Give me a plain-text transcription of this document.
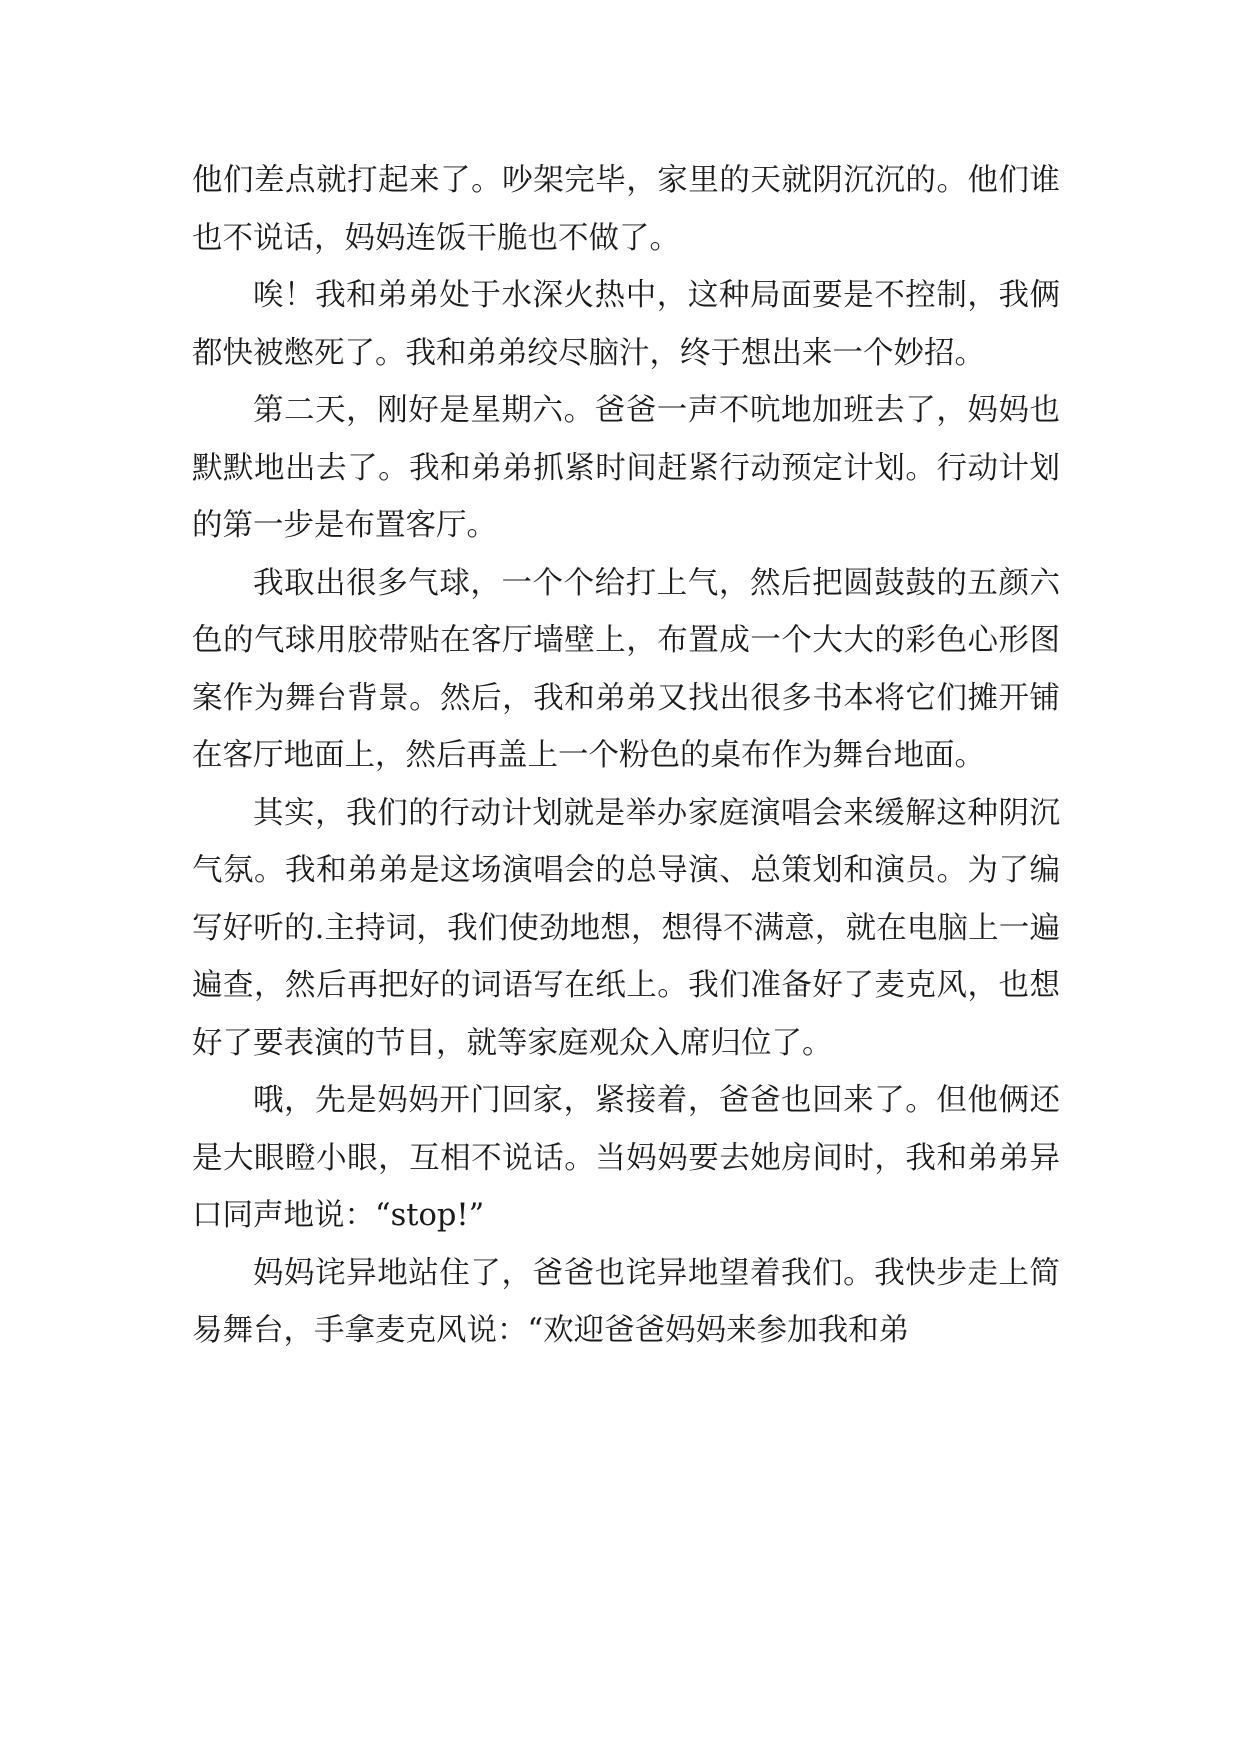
他们差点就打起来了。吵架完毕，家里的天就阴沉沉的。他们谁也不说话，妈妈连饭干脆也不做了。

唉！我和弟弟处于水深火热中，这种局面要是不控制，我俩都快被憋死了。我和弟弟绞尽脑汁，终于想出来一个妙招。

第二天，刚好是星期六。爸爸一声不吭地加班去了，妈妈也默默地出去了。我和弟弟抓紧时间赶紧行动预定计划。行动计划的第一步是布置客厅。

我取出很多气球，一个个给打上气，然后把圆鼓鼓的五颜六色的气球用胶带贴在客厅墙壁上，布置成一个大大的彩色心形图案作为舞台背景。然后，我和弟弟又找出很多书本将它们摊开铺在客厅地面上，然后再盖上一个粉色的桌布作为舞台地面。

其实，我们的行动计划就是举办家庭演唱会来缓解这种阴沉气氛。我和弟弟是这场演唱会的总导演、总策划和演员。为了编写好听的.主持词，我们使劲地想，想得不满意，就在电脑上一遍遍查，然后再把好的词语写在纸上。我们准备好了麦克风，也想好了要表演的节目，就等家庭观众入席归位了。

哦，先是妈妈开门回家，紧接着，爸爸也回来了。但他俩还是大眼瞪小眼，互相不说话。当妈妈要去她房间时，我和弟弟异口同声地说：“stop!”

妈妈诧异地站住了，爸爸也诧异地望着我们。我快步走上简易舞台，手拿麦克风说：“欢迎爸爸妈妈来参加我和弟
